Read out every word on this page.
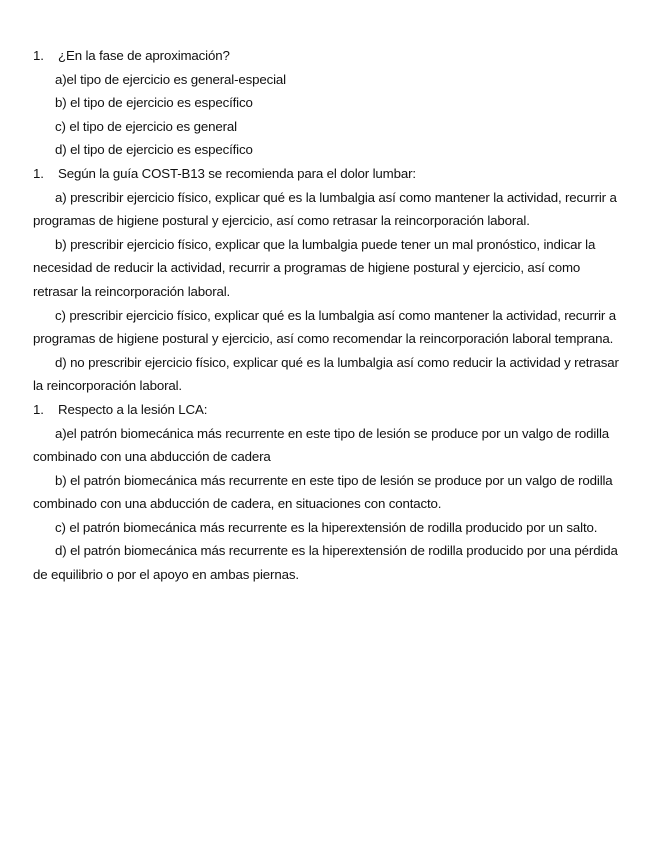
1.	¿En la fase de aproximación?

a)el tipo de ejercicio es general-especial

b) el tipo de ejercicio es específico

c) el tipo de ejercicio es general

d) el tipo de ejercicio es específico

1.	Según la guía COST-B13 se recomienda para el dolor lumbar:

a) prescribir ejercicio físico, explicar qué es la lumbalgia así como mantener la actividad, recurrir a programas de higiene postural y ejercicio, así como retrasar la reincorporación laboral.

b) prescribir ejercicio físico, explicar que la lumbalgia puede tener un mal pronóstico, indicar la necesidad de reducir la actividad, recurrir a programas de higiene postural y ejercicio, así como retrasar la reincorporación laboral.

c) prescribir ejercicio físico, explicar qué es la lumbalgia así como mantener la actividad, recurrir a programas de higiene postural y ejercicio, así como recomendar la reincorporación laboral temprana.

d) no prescribir ejercicio físico, explicar qué es la lumbalgia así como reducir la actividad y retrasar la reincorporación laboral.

1.	Respecto a la lesión LCA:

a)el patrón biomecánica más recurrente en este tipo de lesión se produce por un valgo de rodilla combinado con una abducción de cadera

b) el patrón biomecánica más recurrente en este tipo de lesión se produce por un valgo de rodilla combinado con una abducción de cadera, en situaciones con contacto.

c) el patrón biomecánica más recurrente es la hiperextensión de rodilla producido por un salto.

d) el patrón biomecánica más recurrente es la hiperextensión de rodilla producido por una pérdida de equilibrio o por el apoyo en ambas piernas.
